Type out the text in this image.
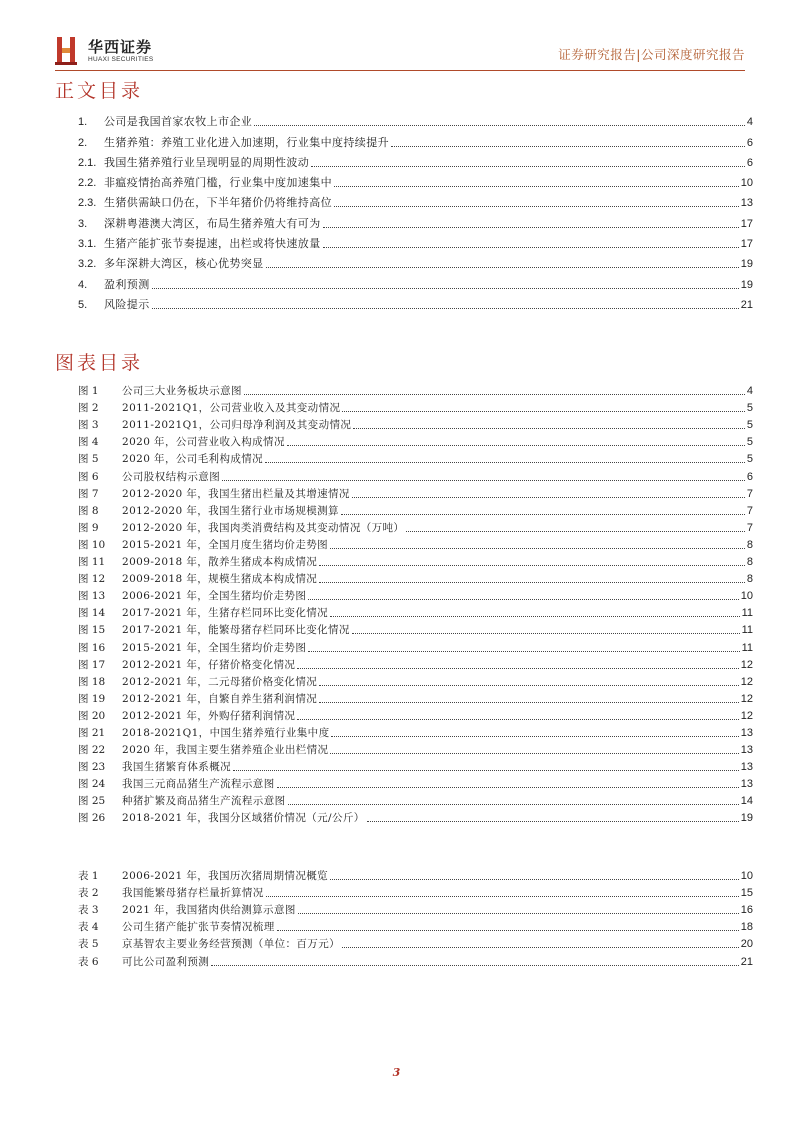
华西证券
HUAXI SECURITIES	证券研究报告|公司深度研究报告
正文目录
1.	公司是我国首家农牧上市企业	4
2.	生猪养殖：养殖工业化进入加速期，行业集中度持续提升	6
2.1. 我国生猪养殖行业呈现明显的周期性波动	6
2.2. 非瘟疫情抬高养殖门槛，行业集中度加速集中	10
2.3. 生猪供需缺口仍在，下半年猪价仍将维持高位	13
3.	深耕粤港澳大湾区，布局生猪养殖大有可为	17
3.1. 生猪产能扩张节奏提速，出栏或将快速放量	17
3.2. 多年深耕大湾区，核心优势突显	19
4.	盈利预测	19
5.	风险提示	21
图表目录
图 1	公司三大业务板块示意图	4
图 2	2011-2021Q1，公司营业收入及其变动情况	5
图 3	2011-2021Q1，公司归母净利润及其变动情况	5
图 4	2020 年，公司营业收入构成情况	5
图 5	2020 年，公司毛利构成情况	5
图 6	公司股权结构示意图	6
图 7	2012-2020 年，我国生猪出栏量及其增速情况	7
图 8	2012-2020 年，我国生猪行业市场规模测算	7
图 9	2012-2020 年，我国肉类消费结构及其变动情况（万吨）	7
图 10	2015-2021 年，全国月度生猪均价走势图	8
图 11	2009-2018 年，散养生猪成本构成情况	8
图 12	2009-2018 年，规模生猪成本构成情况	8
图 13	2006-2021 年，全国生猪均价走势图	10
图 14	2017-2021 年，生猪存栏同环比变化情况	11
图 15	2017-2021 年，能繁母猪存栏同环比变化情况	11
图 16	2015-2021 年，全国生猪均价走势图	11
图 17	2012-2021 年，仔猪价格变化情况	12
图 18	2012-2021 年，二元母猪价格变化情况	12
图 19	2012-2021 年，自繁自养生猪利润情况	12
图 20	2012-2021 年，外购仔猪利润情况	12
图 21	2018-2021Q1，中国生猪养殖行业集中度	13
图 22	2020 年，我国主要生猪养殖企业出栏情况	13
图 23	我国生猪繁育体系概况	13
图 24	我国三元商品猪生产流程示意图	13
图 25	种猪扩繁及商品猪生产流程示意图	14
图 26	2018-2021 年，我国分区域猪价情况（元/公斤）	19
表 1	2006-2021 年，我国历次猪周期情况概览	10
表 2	我国能繁母猪存栏量折算情况	15
表 3	2021 年，我国猪肉供给测算示意图	16
表 4	公司生猪产能扩张节奏情况梳理	18
表 5	京基智农主要业务经营预测（单位：百万元）	20
表 6	可比公司盈利预测	21
3
